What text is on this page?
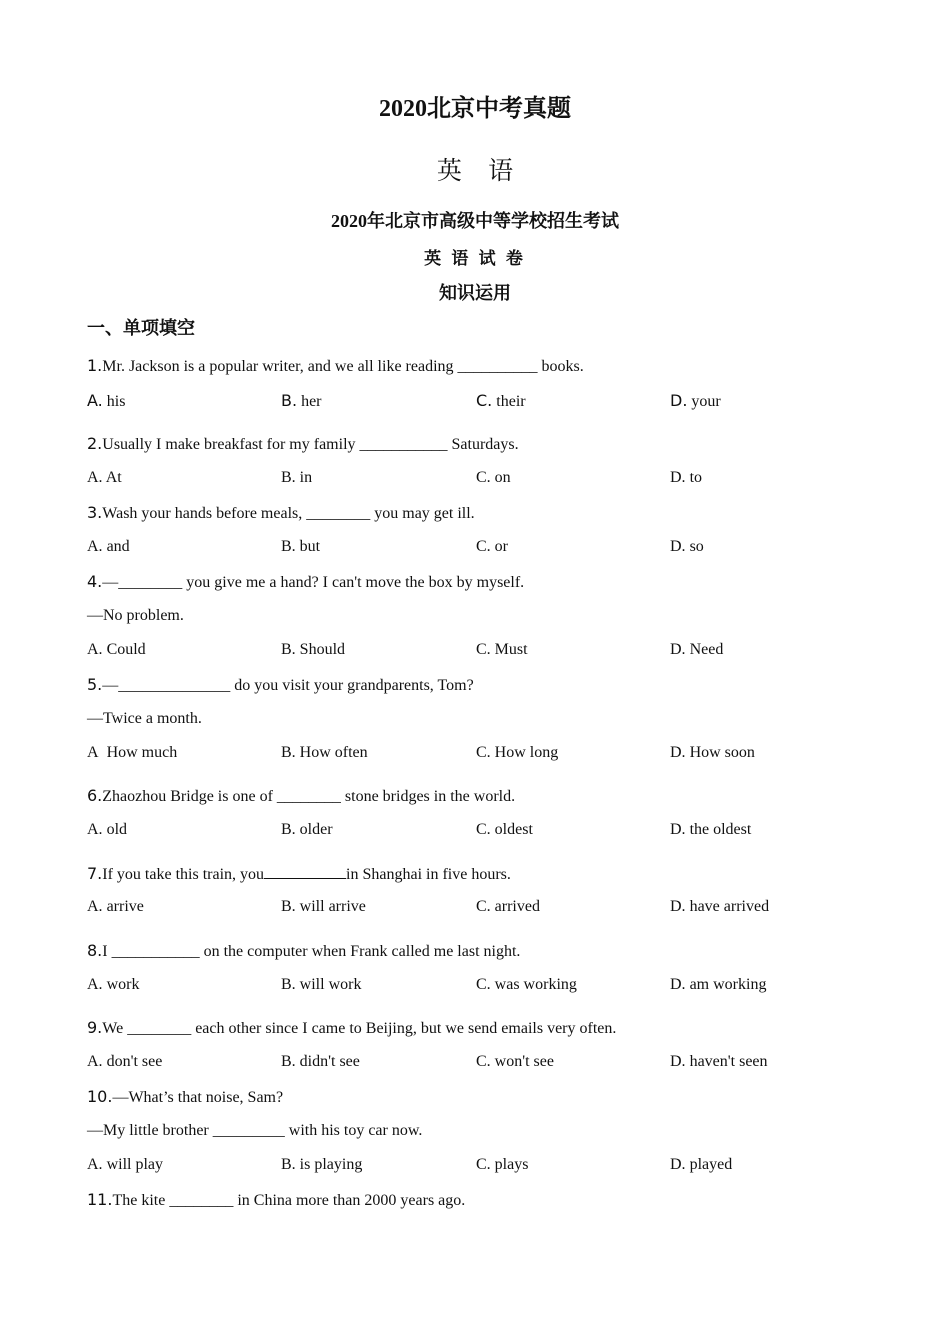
2020北京中考真题
英 语
2020年北京市高级中等学校招生考试
英 语 试 卷
知识运用
一、单项填空
1.Mr. Jackson is a popular writer, and we all like reading __________ books.
A. his	B. her	C. their	D. your
2.Usually I make breakfast for my family ___________ Saturdays.
A. At	B. in	C. on	D. to
3.Wash your hands before meals, ________ you may get ill.
A. and	B. but	C. or	D. so
4.—________ you give me a hand? I can't move the box by myself.
—No problem.
A. Could	B. Should	C. Must	D. Need
5.—______________ do you visit your grandparents, Tom?
—Twice a month.
A How much	B. How often	C. How long	D. How soon
6.Zhaozhou Bridge is one of ________ stone bridges in the world.
A. old	B. older	C. oldest	D. the oldest
7.If you take this train, you	in Shanghai in five hours.
A. arrive	B. will arrive	C. arrived	D. have arrived
8.I ___________ on the computer when Frank called me last night.
A. work	B. will work	C. was working	D. am working
9.We ________ each other since I came to Beijing, but we send emails very often.
A. don't see	B. didn't see	C. won't see	D. haven't seen
10.—What’s that noise, Sam?
—My little brother _________ with his toy car now.
A. will play	B. is playing	C. plays	D. played
11.The kite ________ in China more than 2000 years ago.
